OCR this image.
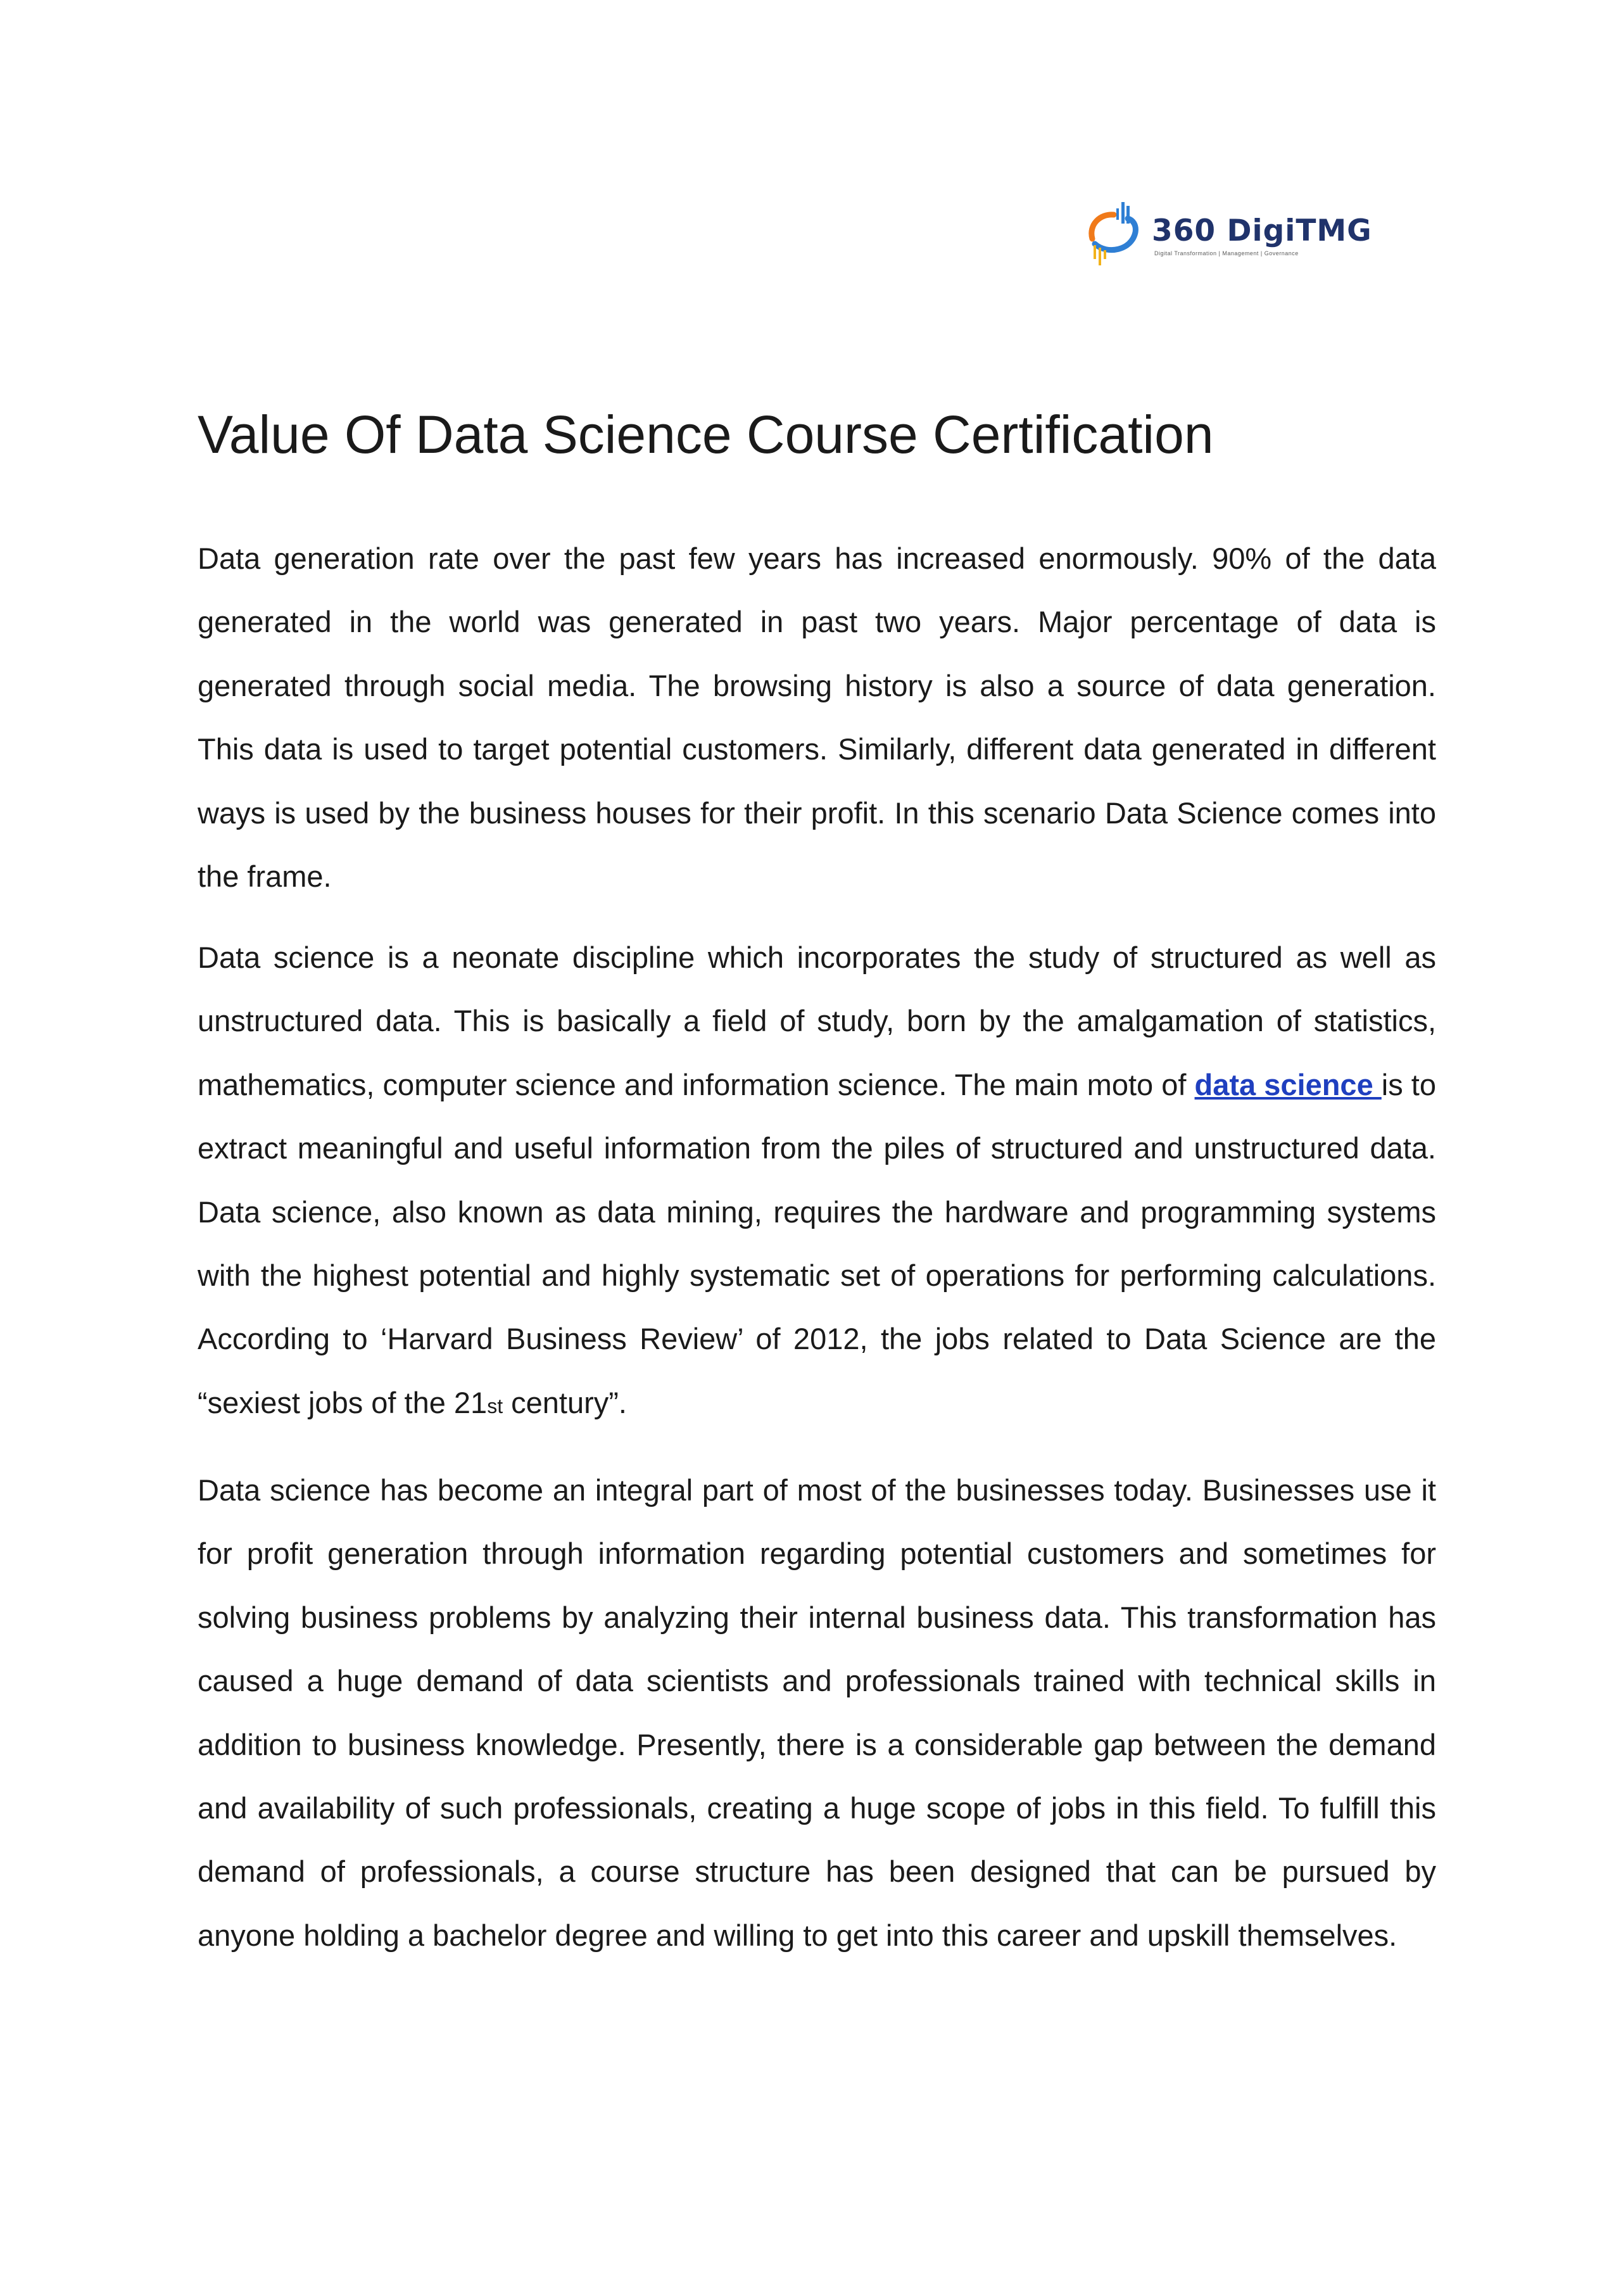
360 DigiTMG
Digital Transformation | Management | Governance
Value Of Data Science Course Certification

Data generation rate over the past few years has increased enormously. 90% of the data generated in the world was generated in past two years. Major percentage of data is generated through social media. The browsing history is also a source of data generation. This data is used to target potential customers. Similarly, different data generated in different ways is used by the business houses for their profit. In this scenario Data Science comes into the frame.

Data science is a neonate discipline which incorporates the study of structured as well as unstructured data. This is basically a field of study, born by the amalgamation of statistics, mathematics, computer science and information science. The main moto of data science is to extract meaningful and useful information from the piles of structured and unstructured data. Data science, also known as data mining, requires the hardware and programming systems with the highest potential and highly systematic set of operations for performing calculations. According to ‘Harvard Business Review’ of 2012, the jobs related to Data Science are the “sexiest jobs of the 21st century”.

Data science has become an integral part of most of the businesses today. Businesses use it for profit generation through information regarding potential customers and sometimes for solving business problems by analyzing their internal business data. This transformation has caused a huge demand of data scientists and professionals trained with technical skills in addition to business knowledge. Presently, there is a considerable gap between the demand and availability of such professionals, creating a huge scope of jobs in this field. To fulfill this demand of professionals, a course structure has been designed that can be pursued by anyone holding a bachelor degree and willing to get into this career and upskill themselves.
